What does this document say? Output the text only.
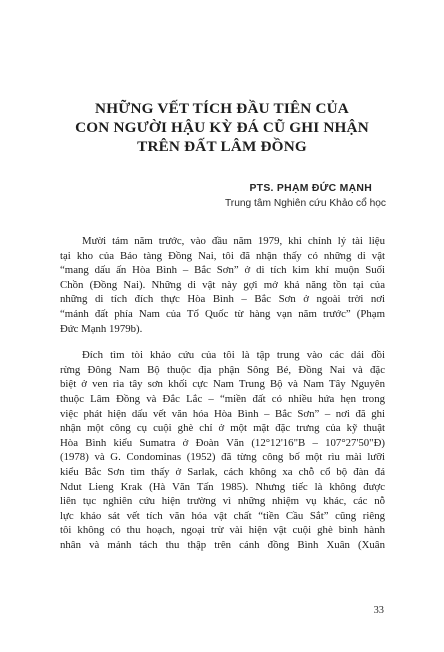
NHỮNG VẾT TÍCH ĐẦU TIÊN CỦA
CON NGƯỜI HẬU KỲ ĐÁ CŨ GHI NHẬN
TRÊN ĐẤT LÂM ĐỒNG
PTS. PHẠM ĐỨC MẠNH
Trung tâm Nghiên cứu Khảo cổ học

Mười tám năm trước, vào đầu năm 1979, khi chỉnh lý tài liệu
tại kho của Bảo tàng Đồng Nai, tôi đã nhận thấy có những di vật
“mang dấu ấn Hòa Bình – Bắc Sơn” ở di tích kim khí muộn Suối
Chồn (Đồng Nai). Những di vật này gợi mở khả năng tồn tại của
những di tích đích thực Hòa Bình – Bắc Sơn ở ngoài trời nơi
“mảnh đất phía Nam của Tổ Quốc từ hàng vạn năm trước” (Phạm
Đức Mạnh 1979b).

Đích tìm tòi khảo cứu của tôi là tập trung vào các dải đồi
rừng Đông Nam Bộ thuộc địa phận Sông Bé, Đồng Nai và đặc
biệt ở ven rìa tây sơn khối cực Nam Trung Bộ và Nam Tây Nguyên
thuộc Lâm Đồng và Đắc Lắc – “miền đất có nhiều hứa hẹn trong
việc phát hiện dấu vết văn hóa Hòa Bình – Bắc Sơn” – nơi đã ghi
nhận một công cụ cuội ghè chỉ ở một mặt đặc trưng của kỹ thuật
Hòa Bình kiểu Sumatra ở Đoàn Văn (12°12'16"B – 107°27'50"Đ)
(1978) và G. Condominas (1952) đã từng công bố một rìu mài lưỡi
kiểu Bắc Sơn tìm thấy ở Sarlak, cách không xa chỗ cổ bộ đàn đá
Ndut Lieng Krak (Hà Văn Tấn 1985). Nhưng tiếc là không được
liên tục nghiên cứu hiện trường vì những nhiệm vụ khác, các nỗ
lực khảo sát vết tích văn hóa vật chất “tiền Cầu Sắt” cũng riêng
tôi không có thu hoạch, ngoại trừ vài hiện vật cuội ghè bình hành
nhân và mảnh tách thu thập trên cánh đồng Bình Xuân (Xuân

33
